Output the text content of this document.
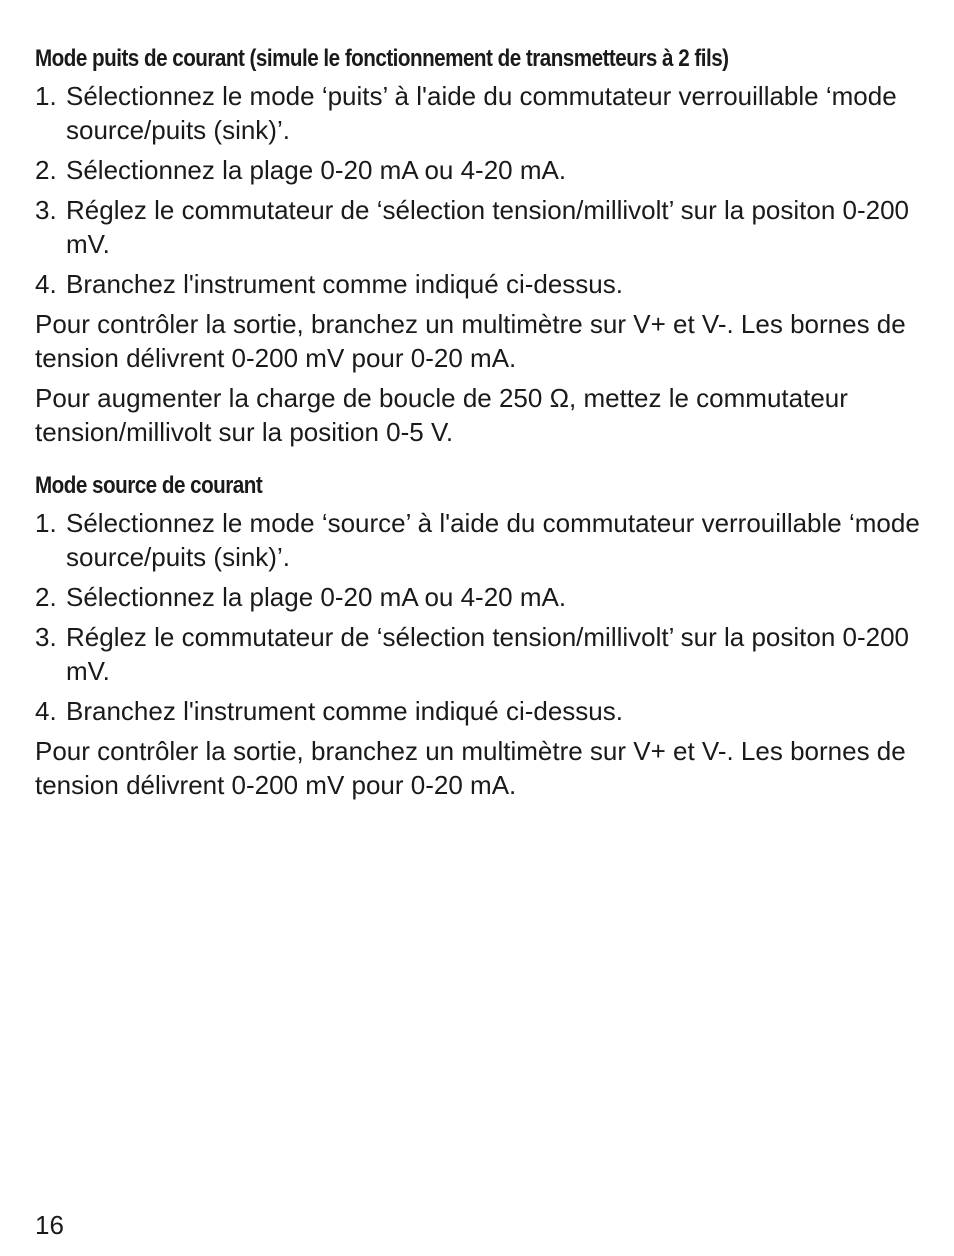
Mode puits de courant (simule le fonctionnement de transmetteurs à 2 fils)
1. Sélectionnez le mode ‘puits’ à l'aide du commutateur verrouillable ‘mode source/puits (sink)’.
2. Sélectionnez la plage 0-20 mA ou 4-20 mA.
3. Réglez le commutateur de ‘sélection tension/millivolt’ sur la positon 0-200 mV.
4. Branchez l'instrument comme indiqué ci-dessus.

Pour contrôler la sortie, branchez un multimètre sur V+ et V-. Les bornes de tension délivrent 0-200 mV pour 0-20 mA.

Pour augmenter la charge de boucle de 250 Ω, mettez le commutateur tension/millivolt sur la position 0-5 V.

Mode source de courant
1. Sélectionnez le mode ‘source’ à l'aide du commutateur verrouillable ‘mode source/puits (sink)’.
2. Sélectionnez la plage 0-20 mA ou 4-20 mA.
3. Réglez le commutateur de ‘sélection tension/millivolt’ sur la positon 0-200 mV.
4. Branchez l'instrument comme indiqué ci-dessus.

Pour contrôler la sortie, branchez un multimètre sur V+ et V-. Les bornes de tension délivrent 0-200 mV pour 0-20 mA.

16
